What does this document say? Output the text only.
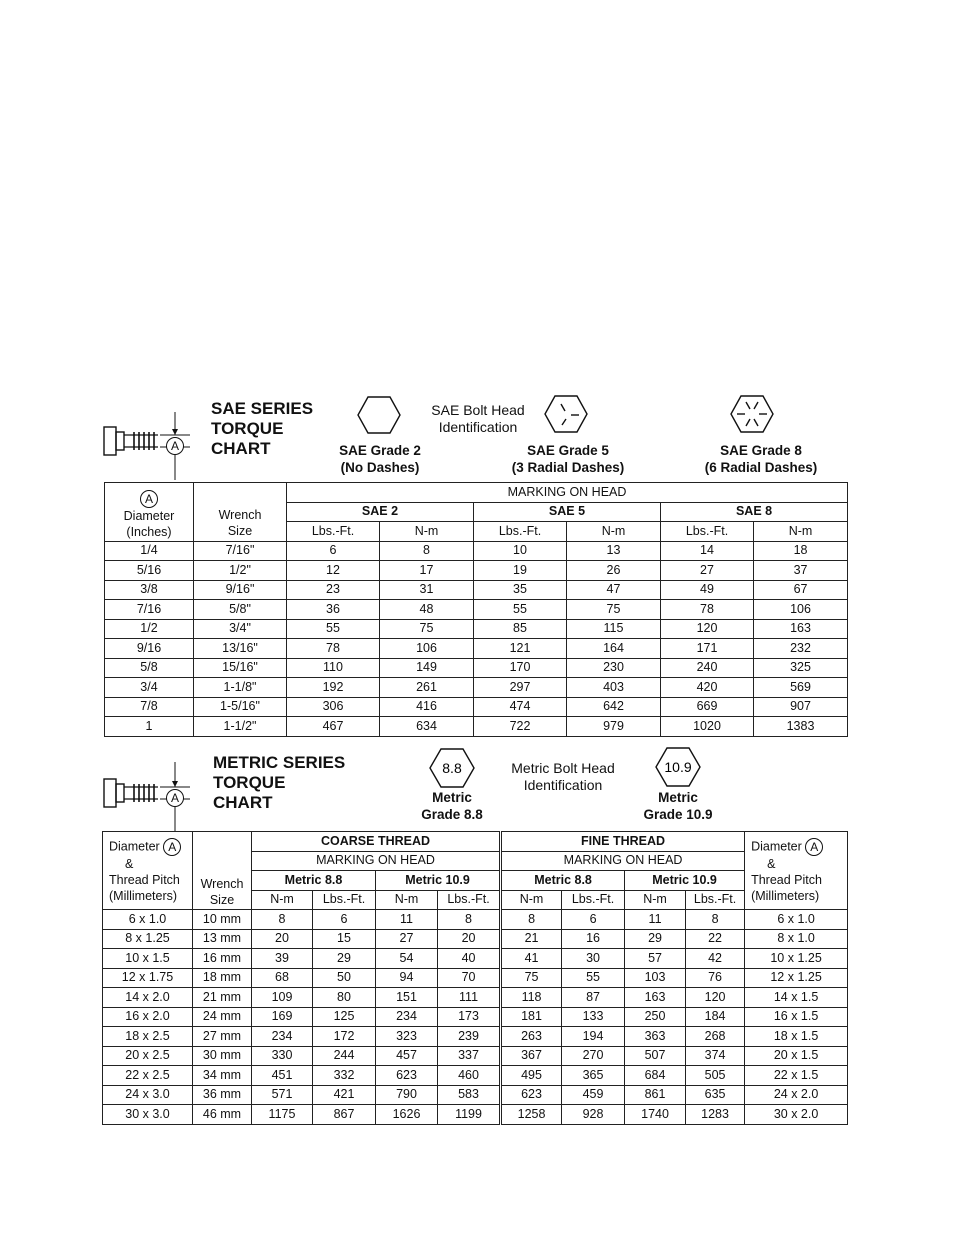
A
SAE SERIES
TORQUE
CHART
SAE Bolt Head
Identification
SAE Grade 2
(No Dashes)
SAE Grade 5
(3 Radial Dashes)
SAE Grade 8
(6 Radial Dashes)
A
Diameter
(Inches)	Wrench
Size	MARKING ON HEAD					
		SAE 2		SAE 5		SAE 8	
		Lbs.-Ft.	N-m	Lbs.-Ft.	N-m	Lbs.-Ft.	N-m
1/4	7/16"	6	8	10	13	14	18
5/16	1/2"	12	17	19	26	27	37
3/8	9/16"	23	31	35	47	49	67
7/16	5/8"	36	48	55	75	78	106
1/2	3/4"	55	75	85	115	120	163
9/16	13/16"	78	106	121	164	171	232
5/8	15/16"	110	149	170	230	240	325
3/4	1-1/8"	192	261	297	403	420	569
7/8	1-5/16"	306	416	474	642	669	907
1	1-1/2"	467	634	722	979	1020	1383
A
METRIC SERIES
TORQUE
CHART
8.8	Metric Bolt Head
Identification
10.9
Metric
Grade 8.8
Metric
Grade 10.9
Diameter A
&
Thread Pitch
(Millimeters)	Wrench
Size	COARSE THREAD				FINE THREAD				Diameter A
&
Thread Pitch
(Millimeters)
		MARKING ON HEAD				MARKING ON HEAD				
		Metric 8.8		Metric 10.9		Metric 8.8		Metric 10.9		
		N-m	Lbs.-Ft.	N-m	Lbs.-Ft.	N-m	Lbs.-Ft.	N-m	Lbs.-Ft.	
6 x 1.0	10 mm	8	6	11	8	8	6	11	8	6 x 1.0
8 x 1.25	13 mm	20	15	27	20	21	16	29	22	8 x 1.0
10 x 1.5	16 mm	39	29	54	40	41	30	57	42	10 x 1.25
12 x 1.75	18 mm	68	50	94	70	75	55	103	76	12 x 1.25
14 x 2.0	21 mm	109	80	151	111	118	87	163	120	14 x 1.5
16 x 2.0	24 mm	169	125	234	173	181	133	250	184	16 x 1.5
18 x 2.5	27 mm	234	172	323	239	263	194	363	268	18 x 1.5
20 x 2.5	30 mm	330	244	457	337	367	270	507	374	20 x 1.5
22 x 2.5	34 mm	451	332	623	460	495	365	684	505	22 x 1.5
24 x 3.0	36 mm	571	421	790	583	623	459	861	635	24 x 2.0
30 x 3.0	46 mm	1175	867	1626	1199	1258	928	1740	1283	30 x 2.0
